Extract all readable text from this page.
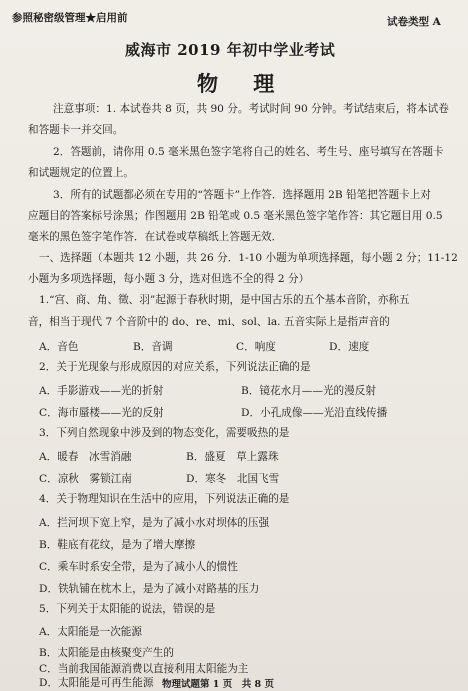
参照秘密级管理★启用前	试卷类型 A
威海市 2019 年初中学业考试
物 理
注意事项：1. 本试卷共 8 页，共 90 分。考试时间 90 分钟。考试结束后，将本试卷
和答题卡一并交回。
2．答题前，请你用 0.5 毫米黑色签字笔将自己的姓名、考生号、座号填写在答题卡
和试题规定的位置上。
3．所有的试题都必须在专用的“答题卡”上作答．选择题用 2B 铅笔把答题卡上对
应题目的答案标号涂黑；作图题用 2B 铅笔或 0.5 毫米黑色签字笔作答：其它题目用 0.5
毫米的黑色签字笔作答．在试卷或草稿纸上答题无效．
一、选择题（本题共 12 小题，共 26 分．1-10 小题为单项选择题，每小题 2 分；11-12
小题为多项选择题，每小题 3 分，选对但选不全的得 2 分）
1.“宫、商、角、徵、羽”起源于春秋时期，是中国古乐的五个基本音阶，亦称五
音，相当于现代 7 个音阶中的 do、re、mi、sol、la. 五音实际上是指声音的
A．音色	B．音调	C．响度	D．速度
2．关于光现象与形成原因的对应关系，下列说法正确的是
A．手影游戏——光的折射	B．镜花水月——光的漫反射
C．海市蜃楼——光的反射	D．小孔成像——光沿直线传播
3．下列自然现象中涉及到的物态变化，需要吸热的是
A．暖春　冰雪消融	B．盛夏　草上露珠
C．凉秋　雾锁江南	D．寒冬　北国飞雪
4．关于物理知识在生活中的应用，下列说法正确的是
A．拦河坝下宽上窄，是为了减小水对坝体的压强
B．鞋底有花纹，是为了增大摩擦
C．乘车时系安全带，是为了减小人的惯性
D．铁轨铺在枕木上，是为了减小对路基的压力
5．下列关于太阳能的说法，错误的是
A．太阳能是一次能源
B．太阳能是由核聚变产生的
C．当前我国能源消费以直接利用太阳能为主
D．太阳能是可再生能源 物理试题第 1 页　共 8 页
